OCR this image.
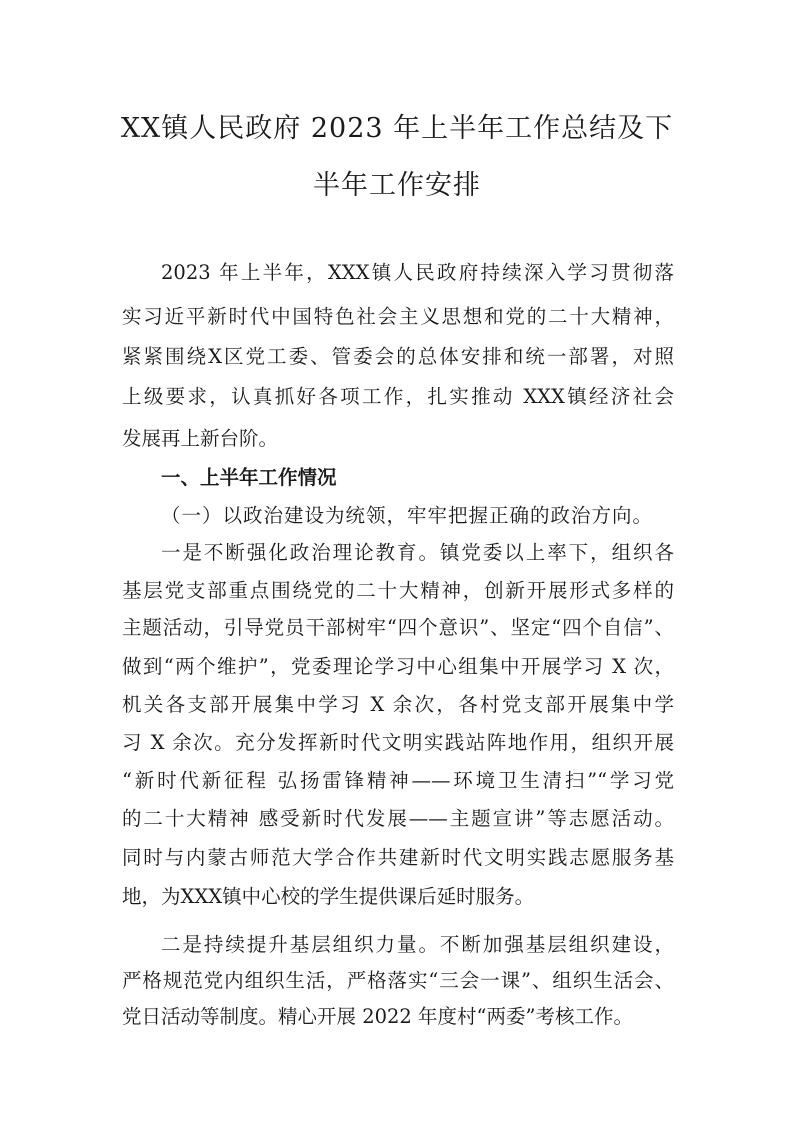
XX镇人民政府 2023 年上半年工作总结及下
半年工作安排
2023 年上半年，XXX镇人民政府持续深入学习贯彻落
实习近平新时代中国特色社会主义思想和党的二十大精神，
紧紧围绕X区党工委、管委会的总体安排和统一部署，对照
上级要求，认真抓好各项工作，扎实推动 XXX镇经济社会
发展再上新台阶。
一、上半年工作情况
（一）以政治建设为统领，牢牢把握正确的政治方向。
一是不断强化政治理论教育。镇党委以上率下，组织各
基层党支部重点围绕党的二十大精神，创新开展形式多样的
主题活动，引导党员干部树牢“四个意识”、坚定“四个自信”、
做到“两个维护”，党委理论学习中心组集中开展学习 X 次，
机关各支部开展集中学习 X 余次，各村党支部开展集中学
习 X 余次。充分发挥新时代文明实践站阵地作用，组织开展
“新时代新征程 弘扬雷锋精神——环境卫生清扫”“学习党
的二十大精神 感受新时代发展——主题宣讲”等志愿活动。
同时与内蒙古师范大学合作共建新时代文明实践志愿服务基
地，为XXX镇中心校的学生提供课后延时服务。
二是持续提升基层组织力量。不断加强基层组织建设，
严格规范党内组织生活，严格落实“三会一课”、组织生活会、
党日活动等制度。精心开展 2022 年度村“两委”考核工作。
